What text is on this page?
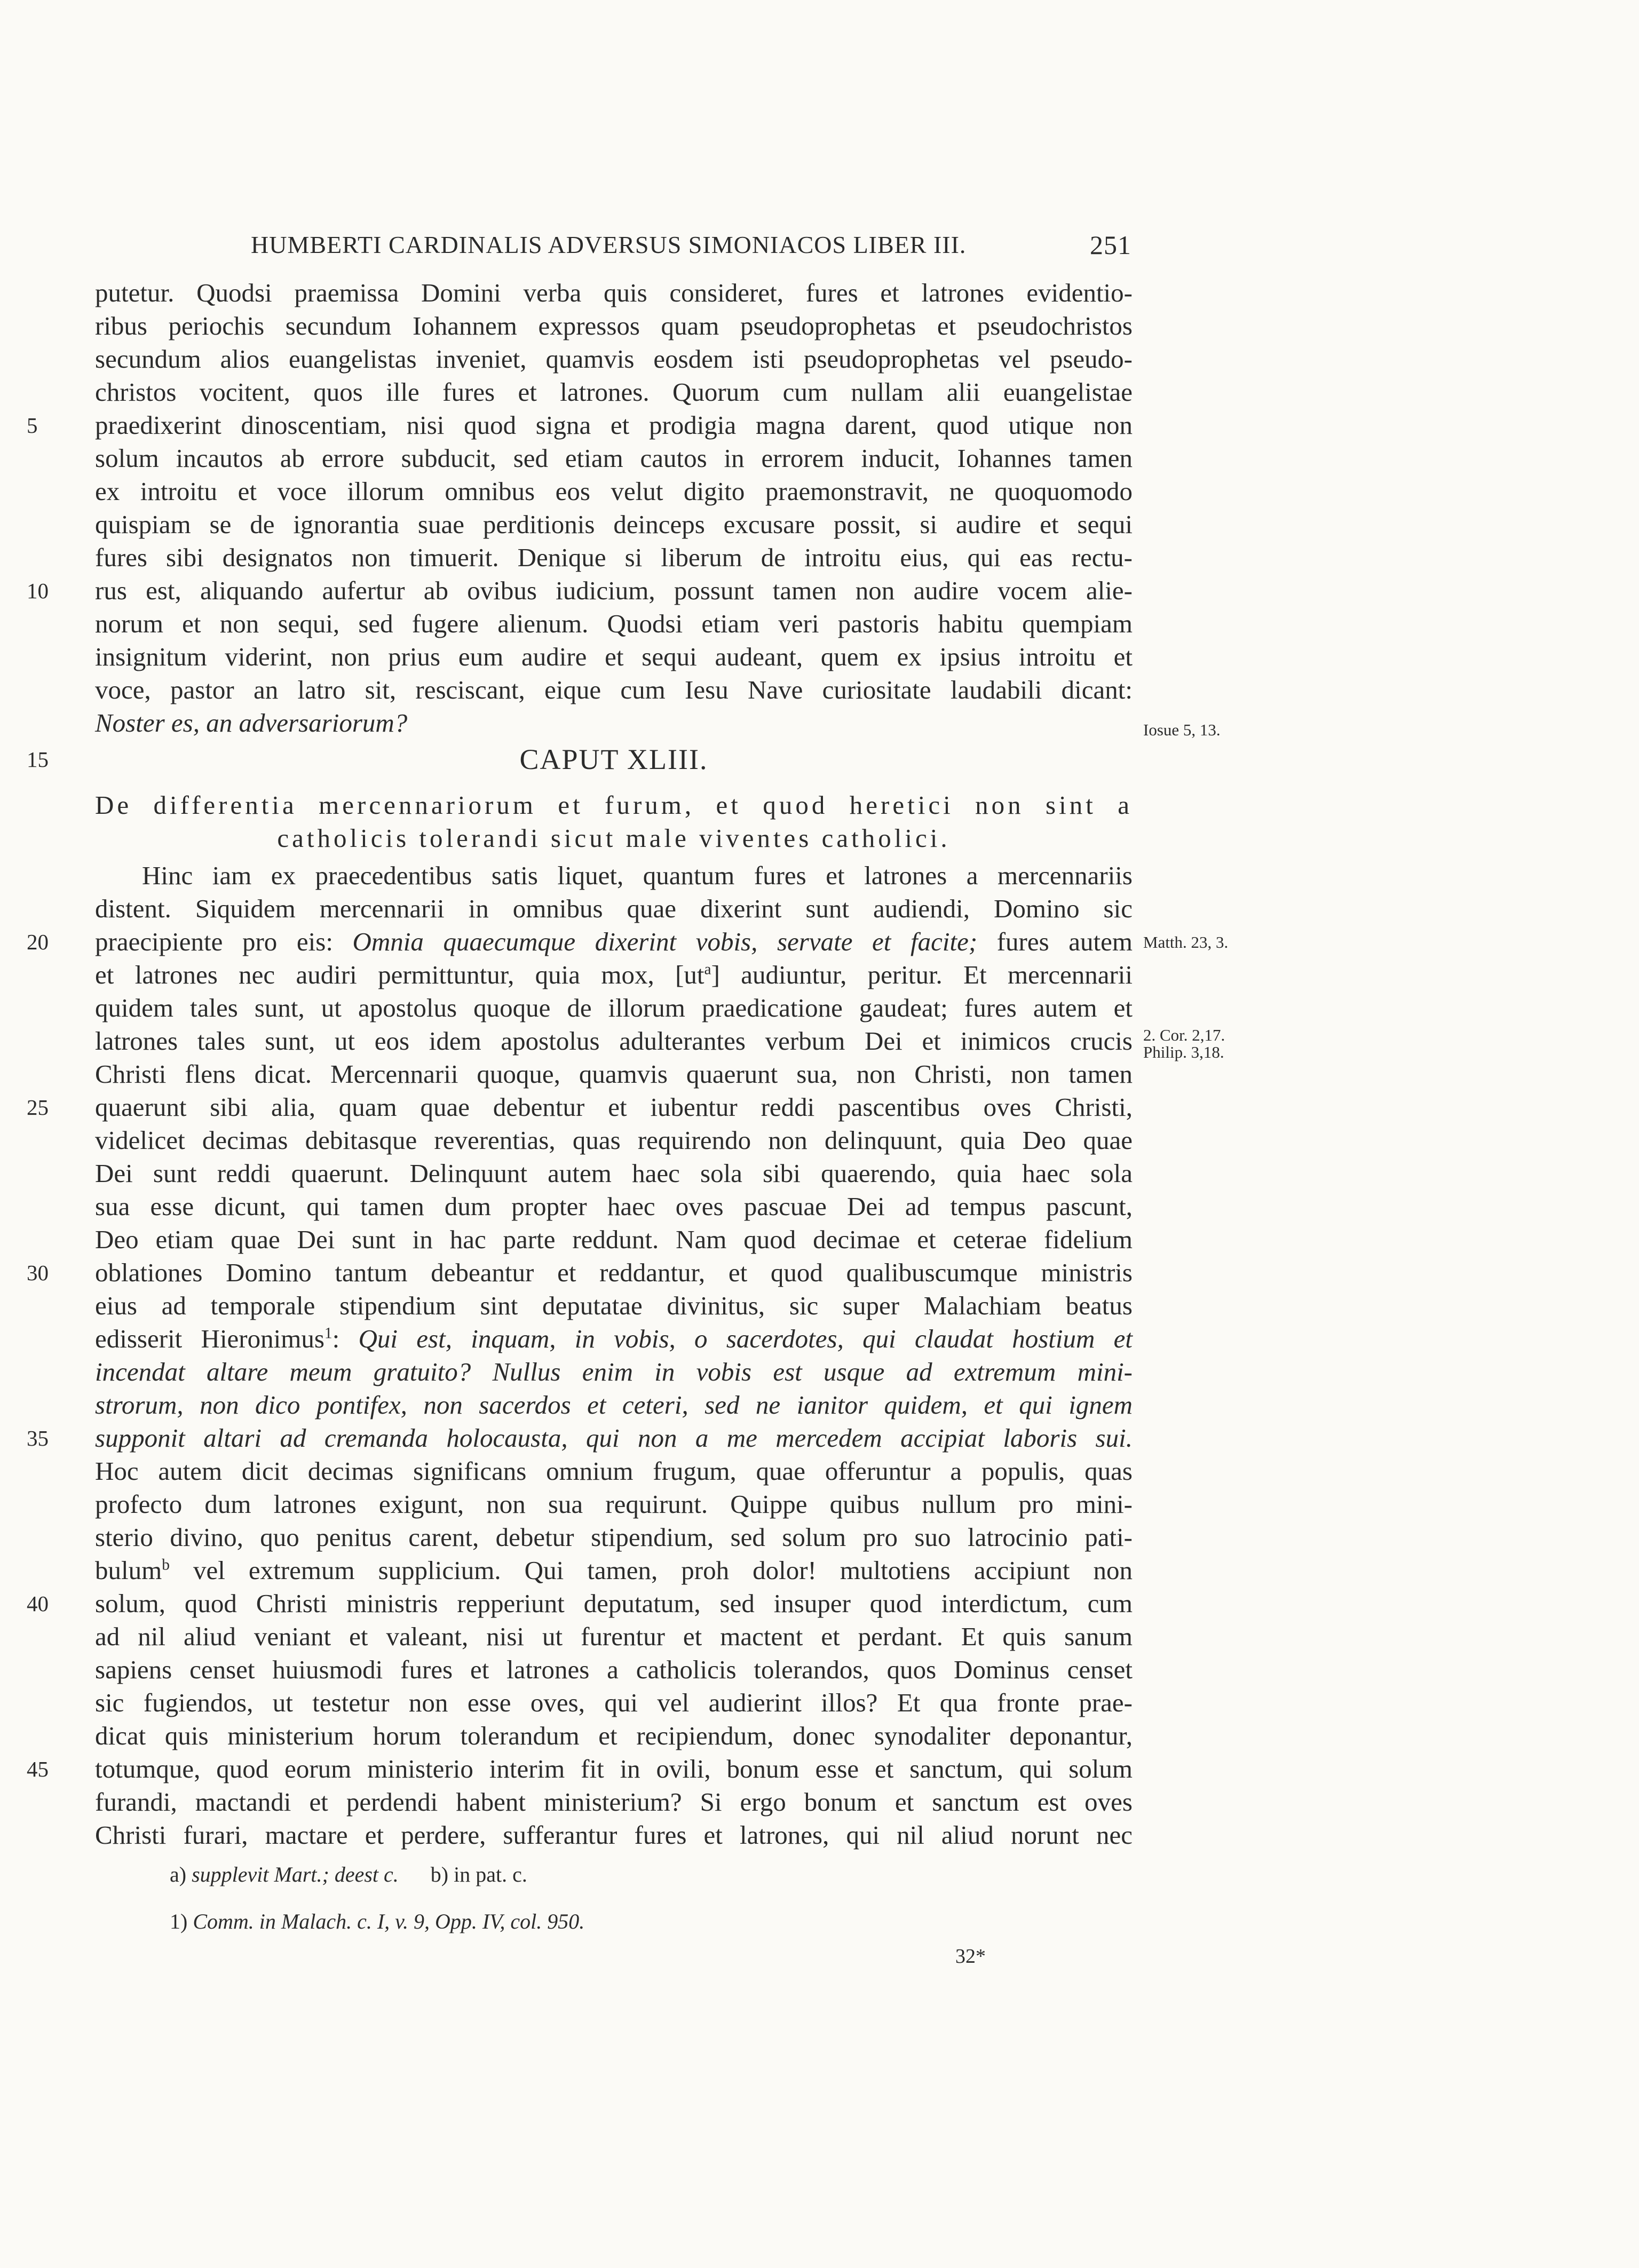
HUMBERTI CARDINALIS ADVERSUS SIMONIACOS LIBER III.	251
putetur. Quodsi praemissa Domini verba quis consideret, fures et latrones evidentio-
ribus periochis secundum Iohannem expressos quam pseudoprophetas et pseudochristos
secundum alios euangelistas inveniet, quamvis eosdem isti pseudoprophetas vel pseudo-
christos vocitent, quos ille fures et latrones. Quorum cum nullam alii euangelistae
5	praedixerint dinoscentiam, nisi quod signa et prodigia magna darent, quod utique non
solum incautos ab errore subducit, sed etiam cautos in errorem inducit, Iohannes tamen
ex introitu et voce illorum omnibus eos velut digito praemonstravit, ne quoquomodo
quispiam se de ignorantia suae perditionis deinceps excusare possit, si audire et sequi
fures sibi designatos non timuerit. Denique si liberum de introitu eius, qui eas rectu-
10	rus est, aliquando aufertur ab ovibus iudicium, possunt tamen non audire vocem alie-
norum et non sequi, sed fugere alienum. Quodsi etiam veri pastoris habitu quempiam
insignitum viderint, non prius eum audire et sequi audeant, quem ex ipsius introitu et
voce, pastor an latro sit, resciscant, eique cum Iesu Nave curiositate laudabili dicant:
Noster es, an adversariorum?
15	CAPUT XLIII.
De differentia mercennariorum et furum, et quod heretici non sint a
catholicis tolerandi sicut male viventes catholici.
Hinc iam ex praecedentibus satis liquet, quantum fures et latrones a mercennariis
distent. Siquidem mercennarii in omnibus quae dixerint sunt audiendi, Domino sic
20	praecipiente pro eis: Omnia quaecumque dixerint vobis, servate et facite; fures autem
et latrones nec audiri permittuntur, quia mox, $[ut^a]$ audiuntur, peritur. Et mercennarii
quidem tales sunt, ut apostolus quoque de illorum praedicatione gaudeat; fures autem et
latrones tales sunt, ut eos idem apostolus adulterantes verbum Dei et inimicos crucis
Christi flens dicat. Mercennarii quoque, quamvis quaerunt sua, non Christi, non tamen
25	quaerunt sibi alia, quam quae debentur et iubentur reddi pascentibus oves Christi,
videlicet decimas debitasque reverentias, quas requirendo non delinquunt, quia Deo quae
Dei sunt reddi quaerunt. Delinquunt autem haec sola sibi quaerendo, quia haec sola
sua esse dicunt, qui tamen dum propter haec oves pascuae Dei ad tempus pascunt,
Deo etiam quae Dei sunt in hac parte reddunt. Nam quod decimae et ceterae fidelium
30	oblationes Domino tantum debeantur et reddantur, et quod qualibuscumque ministris
eius ad temporale stipendium sint deputatae divinitus, sic super Malachiam beatus
edisserit Hieronimus$^1$: Qui est, inquam, in vobis, o sacerdotes, qui claudat hostium et
incendat altare meum gratuito? Nullus enim in vobis est usque ad extremum mini-
strorum, non dico pontifex, non sacerdos et ceteri, sed ne ianitor quidem, et qui ignem
35	supponit altari ad cremanda holocausta, qui non a me mercedem accipiat laboris sui.
Hoc autem dicit decimas significans omnium frugum, quae offeruntur a populis, quas
profecto dum latrones exigunt, non sua requirunt. Quippe quibus nullum pro mini-
sterio divino, quo penitus carent, debetur stipendium, sed solum pro suo latrocinio pati-
bulum$^b$ vel extremum supplicium. Qui tamen, proh dolor! multotiens accipiunt non
40	solum, quod Christi ministris repperiunt deputatum, sed insuper quod interdictum, cum
ad nil aliud veniant et valeant, nisi ut furentur et mactent et perdant. Et quis sanum
sapiens censet huiusmodi fures et latrones a catholicis tolerandos, quos Dominus censet
sic fugiendos, ut testetur non esse oves, qui vel audierint illos? Et qua fronte prae-
dicat quis ministerium horum tolerandum et recipiendum, donec synodaliter deponantur,
45	totumque, quod eorum ministerio interim fit in ovili, bonum esse et sanctum, qui solum
furandi, mactandi et perdendi habent ministerium? Si ergo bonum et sanctum est oves
Christi furari, mactare et perdere, sufferantur fures et latrones, qui nil aliud norunt nec
Iosue 5, 13.
Matth. 23, 3.
2. Cor. 2,17.
Philip. 3,18.
a) supplevit Mart.; deest c. b) in pat. c.
1) Comm. in Malach. c. I, v. 9, Opp. IV, col. 950.
32*
